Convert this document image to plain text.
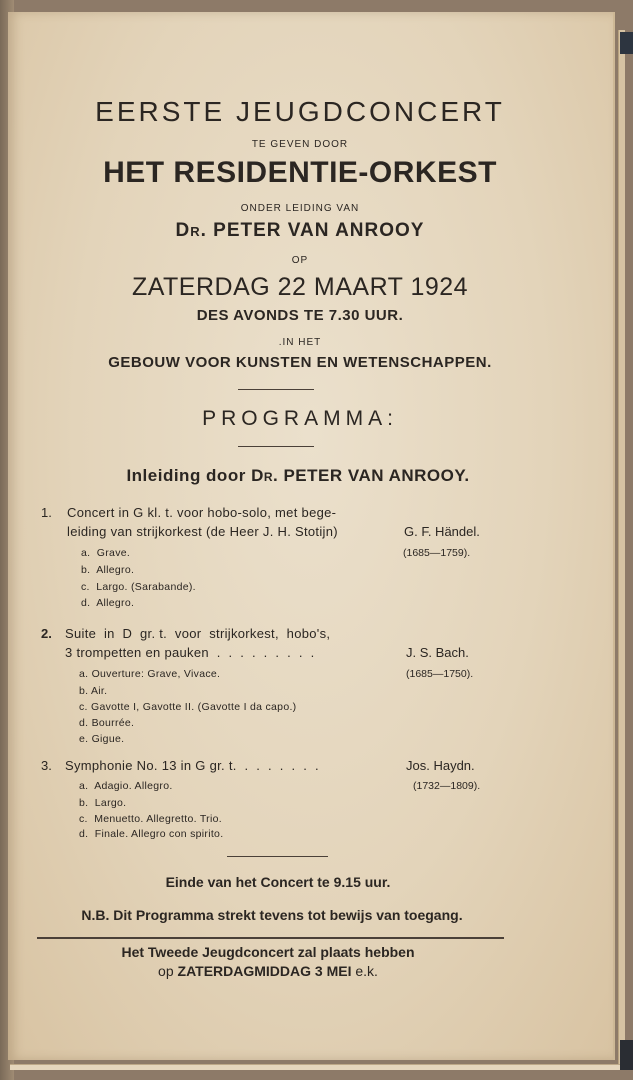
EERSTE JEUGDCONCERT
TE GEVEN DOOR
HET RESIDENTIE-ORKEST
ONDER LEIDING VAN
Dr. PETER VAN ANROOY
OP
ZATERDAG 22 MAART 1924
DES AVONDS TE 7.30 UUR.
.IN HET
GEBOUW VOOR KUNSTEN EN WETENSCHAPPEN.
PROGRAMMA:
Inleiding door Dr. PETER VAN ANROOY.
1. Concert in G kl. t. voor hobo-solo, met bege-
leiding van strijkorkest (de Heer J. H. Stotijn)	G. F. Händel.
(1685—1759).
a.  Grave.
b.  Allegro.
c.  Largo. (Sarabande).
d.  Allegro.
2. Suite  in  D  gr. t.  voor  strijkorkest,  hobo's,
3 trompetten en pauken  .  .  .  .  .  .  .  .  .	J. S. Bach.
(1685—1750).
a. Ouverture: Grave, Vivace.
b. Air.
c. Gavotte I, Gavotte II. (Gavotte I da capo.)
d. Bourrée.
e. Gigue.
3. Symphonie No. 13 in G gr. t.  .  .  .  .  .  .  .	Jos. Haydn.
(1732—1809).
a.  Adagio. Allegro.
b.  Largo.
c.  Menuetto. Allegretto. Trio.
d.  Finale. Allegro con spirito.
Einde van het Concert te 9.15 uur.
N.B. Dit Programma strekt tevens tot bewijs van toegang.
Het Tweede Jeugdconcert zal plaats hebben
op ZATERDAGMIDDAG 3 MEI e.k.
